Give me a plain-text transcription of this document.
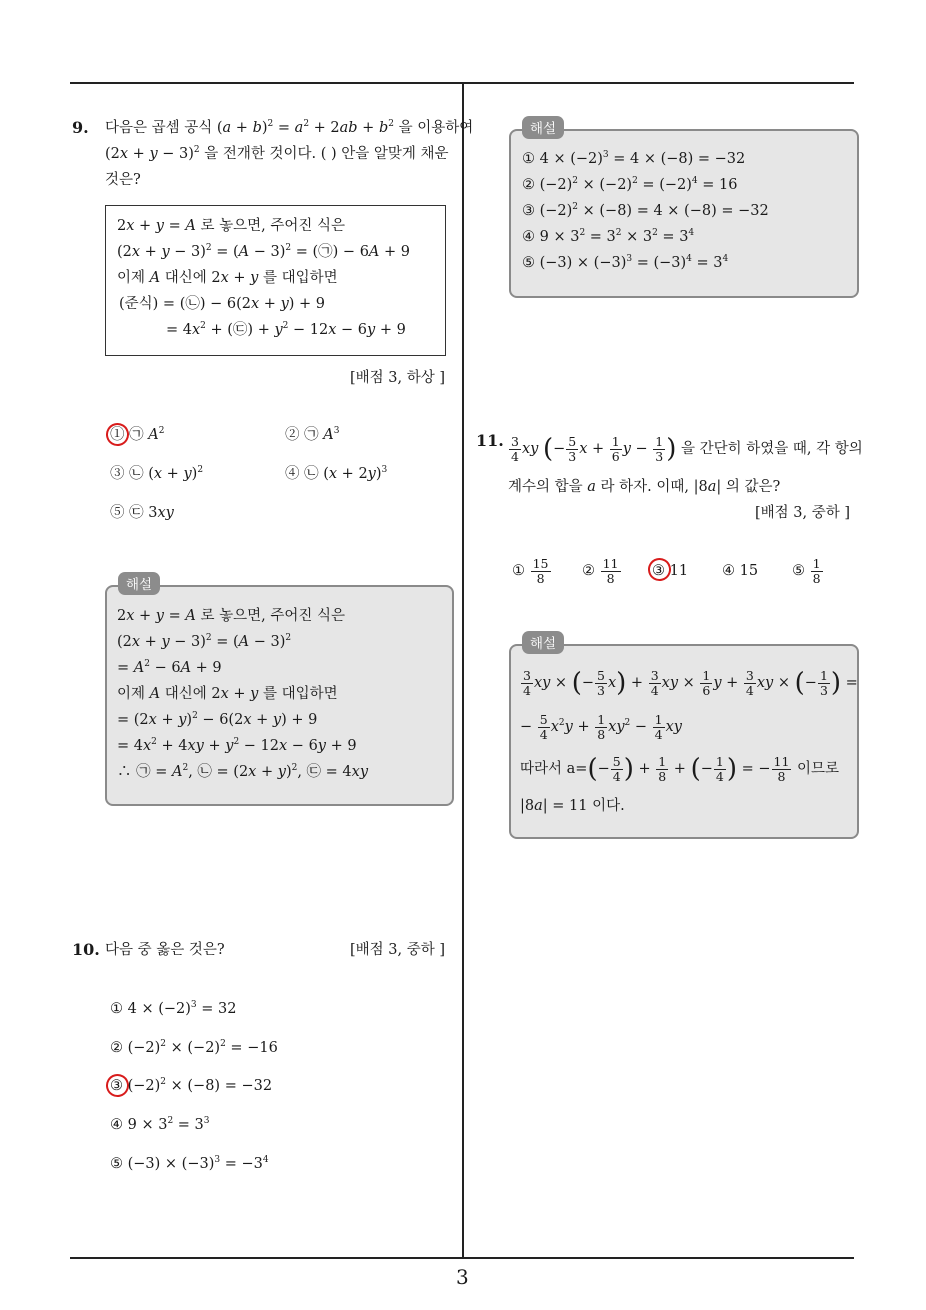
9. 다음은 곱셈 공식 $(a + b)^2 = a^2 + 2ab + b^2$ 을 이용하여
$(2x + y - 3)^2$ 을 전개한 것이다. ( ) 안을 알맞게 채운
것은?
2x + y = A 로 놓으면, 주어진 식은
$(2x + y - 3)^2 = (A - 3)^2$ = (㉠) − 6A + 9
이제 A 대신에 2x + y 를 대입하면
(준식) = (㉡) − 6(2x + y) + 9
= $4x^2$ + (㉢) + $y^2 - 12x - 6y + 9$
[배점 3, 하상 ]
① ㉠ $A^2$	② ㉠ $A^3$
③ ㉡ $(x + y)^2$	④ ㉡ $(x + 2y)^3$
⑤ ㉢ 3xy
해설
2x + y = A 로 놓으면, 주어진 식은
$(2x + y - 3)^2 = (A - 3)^2$
= $A^2 - 6A + 9$
이제 A 대신에 2x + y 를 대입하면
= $(2x + y)^2 - 6(2x + y) + 9$
= $4x^2 + 4xy + y^2 - 12x - 6y + 9$
∴ ㉠ = $A^2$, ㉡ = $(2x + y)^2$, ㉢ = 4xy
10. 다음 중 옳은 것은?	[배점 3, 중하 ]
① $4 \times (-2)^3 = 32$
② $(-2)^2 \times (-2)^2 = -16$
③ $(-2)^2 \times (-8) = -32$
④ $9 \times 3^2 = 3^3$
⑤ $(-3) \times (-3)^3 = -3^4$
해설
① $4 \times (-2)^3 = 4 \times (-8) = -32$
② $(-2)^2 \times (-2)^2 = (-2)^4 = 16$
③ $(-2)^2 \times (-8) = 4 \times (-8) = -32$
④ $9 \times 3^2 = 3^2 \times 3^2 = 3^4$
⑤ $(-3) \times (-3)^3 = (-3)^4 = 3^4$
11. $\frac{3}{4}$ xy (− $\frac{5}{3}$ $x + \frac{1}{6}$ $y - \frac{1}{3}$ ) 을 간단히 하였을 때, 각 항의
계수의 합을 a 라 하자. 이때, |8a| 의 값은?
[배점 3, 중하 ]
① $\frac{15}{8}$ ② $\frac{11}{8}$ ③ 11 ④ 15 ⑤ $\frac{1}{8}$
해설
$\frac{3}{4}$ xy × (− $\frac{5}{3} x) + \frac{3}{4}$ xy × $\frac{1}{6}$ $y + \frac{3}{4}$ xy × (− $\frac{1}{3}$ ) =
− $\frac{5}{4} x^2y + \frac{1}{8} xy^2 - \frac{1}{4}$ xy
따라서 $a=(- \frac{5}{4}$ ) + $\frac{1}{8}$ + (− $\frac{1}{4}$ ) = − $\frac{11}{8}$ 이므로
|8a| = 11 이다.
3
